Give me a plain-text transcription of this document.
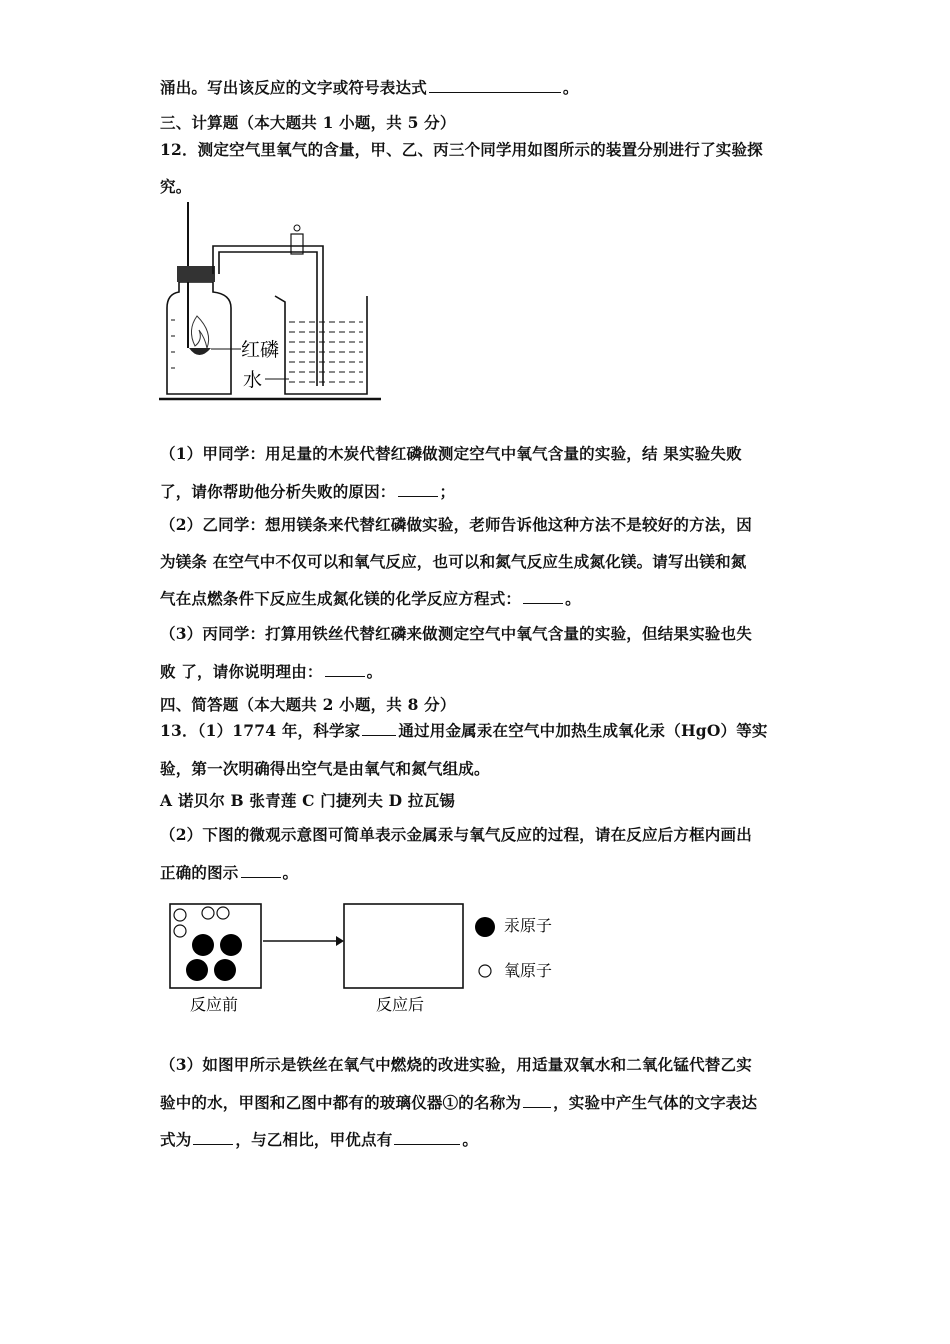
涌出。写出该反应的文字或符号表达式	。
三、计算题（本大题共 1 小题，共 5 分）
12．测定空气里氧气的含量，甲、乙、丙三个同学用如图所示的装置分别进行了实验探
究。
红磷
水
（1）甲同学：用足量的木炭代替红磷做测定空气中氧气含量的实验，结 果实验失败
了，请你帮助他分析失败的原因：	；
（2）乙同学：想用镁条来代替红磷做实验，老师告诉他这种方法不是较好的方法，因
为镁条 在空气中不仅可以和氧气反应，也可以和氮气反应生成氮化镁。请写出镁和氮
气在点燃条件下反应生成氮化镁的化学反应方程式：	。
（3）丙同学：打算用铁丝代替红磷来做测定空气中氧气含量的实验，但结果实验也失
败 了，请你说明理由：	。
四、简答题（本大题共 2 小题，共 8 分）
13．（1）1774 年，科学家 通过用金属汞在空气中加热生成氧化汞（HgO）等实
验，第一次明确得出空气是由氧气和氮气组成。
A 诺贝尔 B 张青莲 C 门捷列夫 D 拉瓦锡
（2）下图的微观示意图可简单表示金属汞与氧气反应的过程，请在反应后方框内画出
正确的图示	。
汞原子
氧原子
反应前	反应后
（3）如图甲所示是铁丝在氧气中燃烧的改进实验，用适量双氧水和二氧化锰代替乙实
验中的水，甲图和乙图中都有的玻璃仪器①的名称为 ，实验中产生气体的文字表达
式为	，与乙相比，甲优点有	。
